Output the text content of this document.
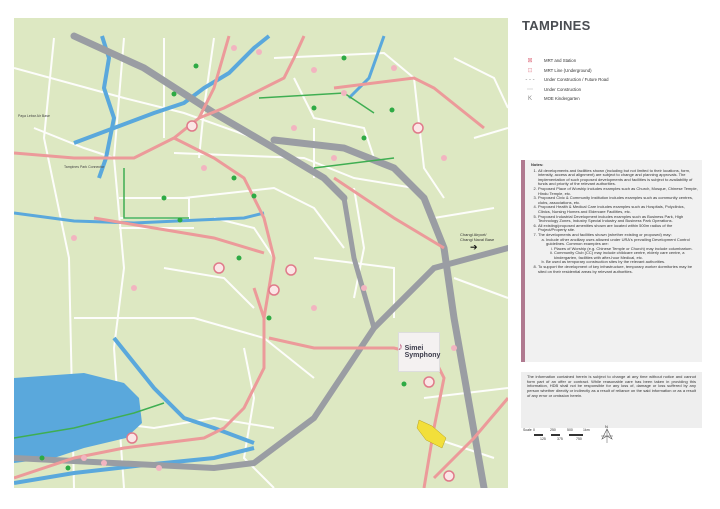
♪ Simei
Symphony
Changi Airport/
Changi Naval Base
➔
Paya Lebar Air Base
Tampines Park Connector
TAMPINES
⊠	MRT and Station
⊡	MRT Line (Underground)
- - -	Under Construction / Future Road
⋯	Under Construction
K	MOE Kindergarten
Notes:
1. All developments and facilities shown (including but not limited to their locations, form, intensity, access and alignment) are subject to change and planning approvals. The implementation of such proposed developments and facilities is subject to availability of funds and priority of the relevant authorities.
2. Proposed Place of Worship includes examples such as Church, Mosque, Chinese Temple, Hindu Temple, etc.
3. Proposed Civic & Community Institution includes examples such as community centres, clubs, associations, etc.
4. Proposed Health & Medical Care includes examples such as Hospitals, Polyclinics, Clinics, Nursing Homes and Eldercare Facilities, etc.
5. Proposed Industrial Development includes examples such as Business Park, High Technology Zones, Industry Special Industry and Business Park Operations.
6. All existing/proposed amenities shown are located within 500m radius of the Project/Property site.
7. The developments and facilities shown (whether existing or proposed) may:
a. Include other ancillary uses allowed under URA's prevailing Development Control guidelines. Common examples are:
i. Places of Worship (e.g. Chinese Temple or Church) may include columbarium.
ii. Community Club (CC) may include childcare centre, elderly care centre, a kindergarten, facilities with after-hour Medical, etc.
b. Be used as temporary construction sites by the relevant authorities.
8. To support the development of key infrastructure, temporary worker dormitories may be sited on their residential areas by relevant authorities.
The information contained herein is subject to change at any time without notice and cannot form part of an offer or contract. While reasonable care has been taken in providing this information, HDB shall not be responsible for any loss of, damage or loss suffered by any person whether directly or indirectly as a result of reliance on the said information or as a result of any error or omission herein.
Scale 0	250	500	1km
125	375	750
N
